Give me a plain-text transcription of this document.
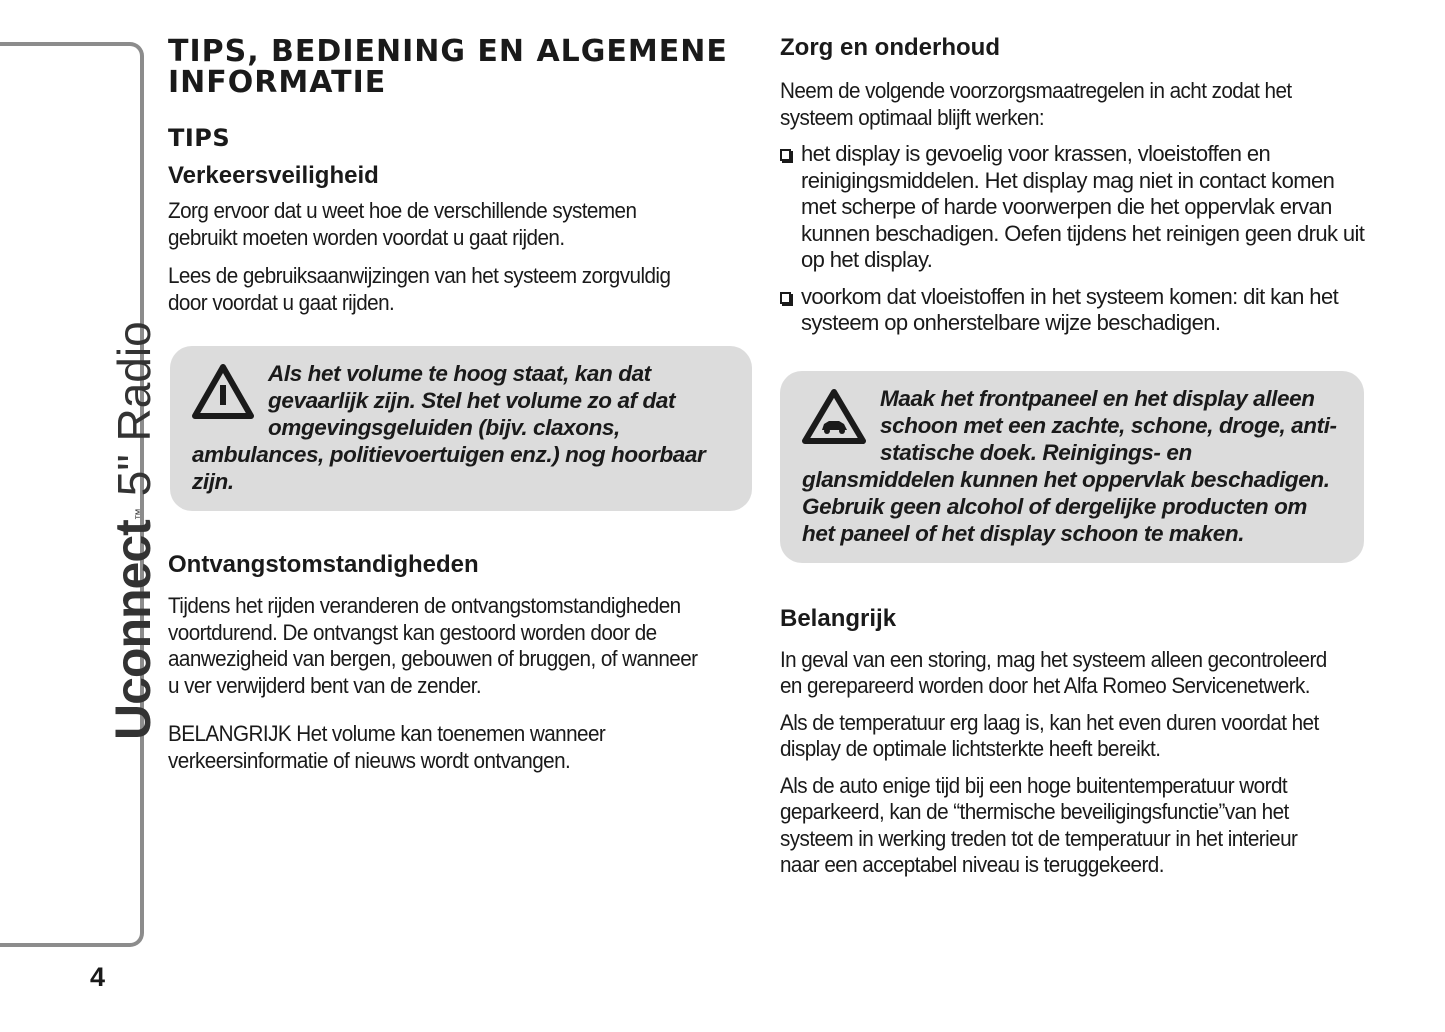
Uconnect™5" Radio
4
TIPS, BEDIENING EN ALGEMENE INFORMATIE
TIPS
Verkeersveiligheid

Zorg ervoor dat u weet hoe de verschillende systemen gebruikt moeten worden voordat u gaat rijden.

Lees de gebruiksaanwijzingen van het systeem zorgvuldig door voordat u gaat rijden.

Als het volume te hoog staat, kan dat gevaarlijk zijn. Stel het volume zo af dat omgevingsgeluiden (bijv. claxons, ambulances, politievoertuigen enz.) nog hoorbaar zijn.
Ontvangstomstandigheden

Tijdens het rijden veranderen de ontvangstomstandigheden voortdurend. De ontvangst kan gestoord worden door de aanwezigheid van bergen, gebouwen of bruggen, of wanneer u ver verwijderd bent van de zender.

BELANGRIJK Het volume kan toenemen wanneer verkeersinformatie of nieuws wordt ontvangen.

Zorg en onderhoud

Neem de volgende voorzorgsmaatregelen in acht zodat het systeem optimaal blijft werken:

het display is gevoelig voor krassen, vloeistoffen en reinigingsmiddelen. Het display mag niet in contact komen met scherpe of harde voorwerpen die het oppervlak ervan kunnen beschadigen. Oefen tijdens het reinigen geen druk uit op het display.
voorkom dat vloeistoffen in het systeem komen: dit kan het systeem op onherstelbare wijze beschadigen.
Maak het frontpaneel en het display alleen schoon met een zachte, schone, droge, anti-statische doek. Reinigings- en glansmiddelen kunnen het oppervlak beschadigen. Gebruik geen alcohol of dergelijke producten om het paneel of het display schoon te maken.
Belangrijk

In geval van een storing, mag het systeem alleen gecontroleerd en gerepareerd worden door het Alfa Romeo Servicenetwerk.

Als de temperatuur erg laag is, kan het even duren voordat het display de optimale lichtsterkte heeft bereikt.

Als de auto enige tijd bij een hoge buitentemperatuur wordt geparkeerd, kan de “thermische beveiligingsfunctie”van het systeem in werking treden tot de temperatuur in het interieur naar een acceptabel niveau is teruggekeerd.
